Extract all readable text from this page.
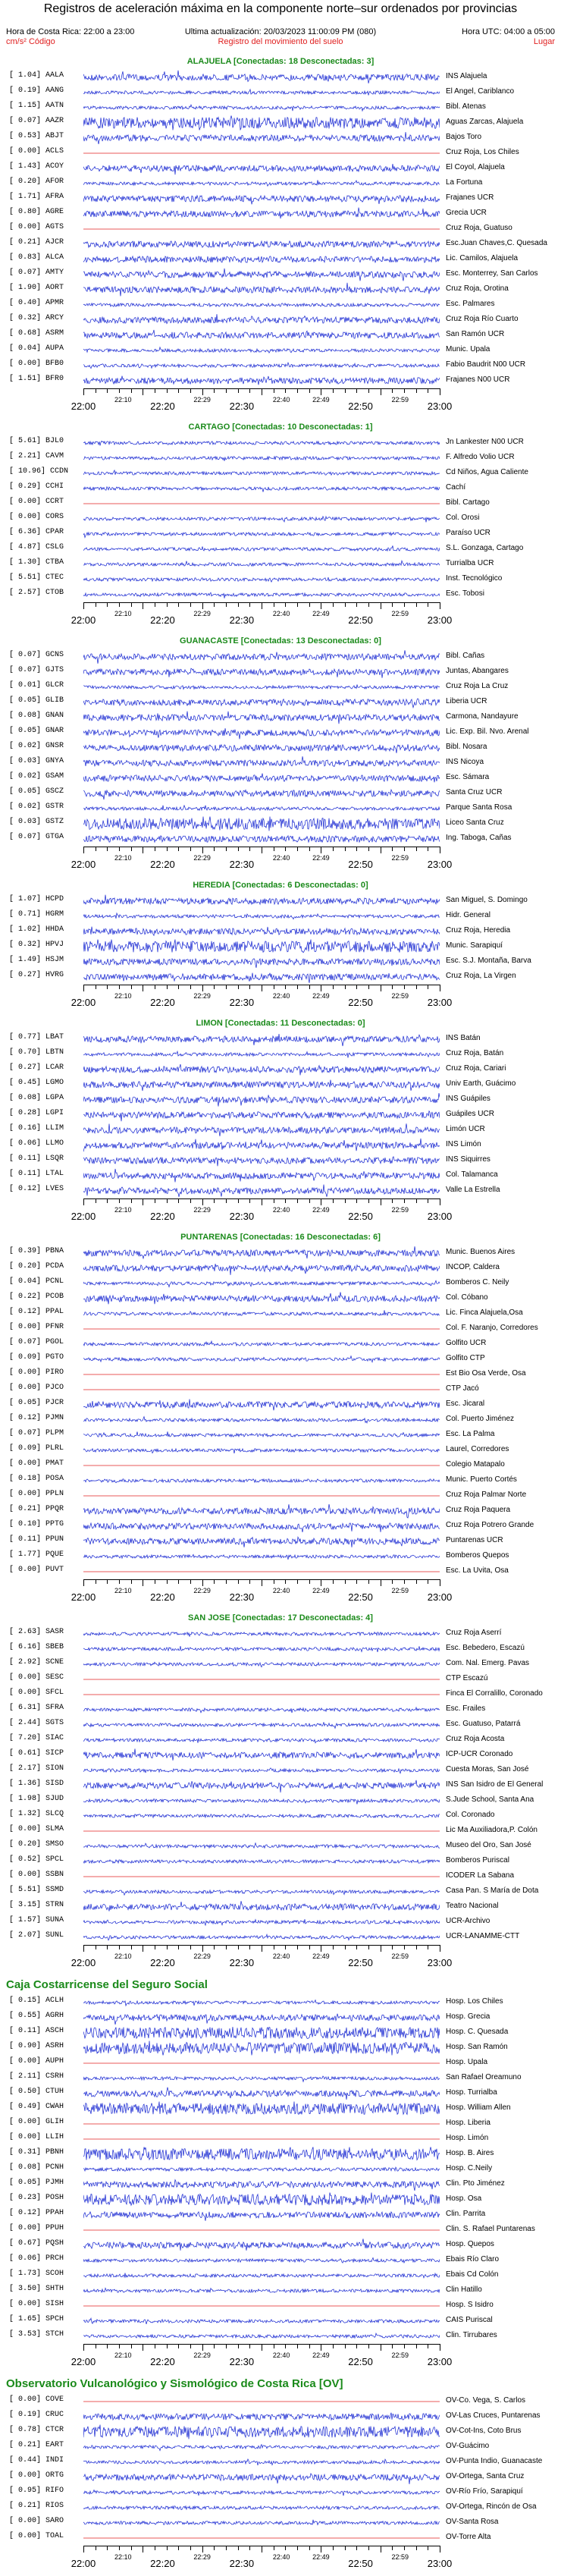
Registros de aceleración máxima en la componente norte–sur ordenados por provincias
Hora de Costa Rica: 22:00 a 23:00
cm/s² Código
Ultima actualización: 20/03/2023 11:00:09 PM (080)
Registro del movimiento del suelo
Hora UTC: 04:00 a 05:00
Lugar
ALAJUELA [Conectadas: 18 Desconectadas: 3]
[ 1.04] AALA	INS Alajuela
[ 0.19] AANG	El Angel, Cariblanco
[ 1.15] AATN	Bibl. Atenas
[ 0.07] AAZR	Aguas Zarcas, Alajuela
[ 0.53] ABJT	Bajos Toro
[ 0.00] ACLS	Cruz Roja, Los Chiles
[ 1.43] ACOY	El Coyol, Alajuela
[ 0.20] AFOR	La Fortuna
[ 1.71] AFRA	Frajanes UCR
[ 0.80] AGRE	Grecia UCR
[ 0.00] AGTS	Cruz Roja, Guatuso
[ 0.21] AJCR	Esc.Juan Chaves,C. Quesada
[ 0.83] ALCA	Lic. Camilos, Alajuela
[ 0.07] AMTY	Esc. Monterrey, San Carlos
[ 1.90] AORT	Cruz Roja, Orotina
[ 0.40] APMR	Esc. Palmares
[ 0.32] ARCY	Cruz Roja Río Cuarto
[ 0.68] ASRM	San Ramón UCR
[ 0.04] AUPA	Munic. Upala
[ 0.00] BFB0	Fabio Baudrit N00 UCR
[ 1.51] BFR0	Frajanes N00 UCR
22:00
22:10
22:20
22:29
22:30
22:40	22:49
22:50
22:59
23:00
CARTAGO [Conectadas: 10 Desconectadas: 1]
[ 5.61] BJL0	Jn Lankester N00 UCR
[ 2.21] CAVM	F. Alfredo Volio UCR
[ 10.96] CCDN	Cd Niños, Agua Caliente
[ 0.29] CCHI	Cachí
[ 0.00] CCRT	Bibl. Cartago
[ 0.00] CORS	Col. Orosi
[ 6.36] CPAR	Paraíso UCR
[ 4.87] CSLG	S.L. Gonzaga, Cartago
[ 1.30] CTBA	Turrialba UCR
[ 5.51] CTEC	Inst. Tecnológico
[ 2.57] CTOB	Esc. Tobosi
22:00
22:10
22:20
22:29
22:30
22:40	22:49
22:50
22:59
23:00
GUANACASTE [Conectadas: 13 Desconectadas: 0]
[ 0.07] GCNS	Bibl. Cañas
[ 0.07] GJTS	Juntas, Abangares
[ 0.01] GLCR	Cruz Roja La Cruz
[ 0.05] GLIB	Liberia UCR
[ 0.08] GNAN	Carmona, Nandayure
[ 0.05] GNAR	Lic. Exp. Bil. Nvo. Arenal
[ 0.02] GNSR	Bibl. Nosara
[ 0.03] GNYA	INS Nicoya
[ 0.02] GSAM	Esc. Sámara
[ 0.05] GSCZ	Santa Cruz UCR
[ 0.02] GSTR	Parque Santa Rosa
[ 0.03] GSTZ	Liceo Santa Cruz
[ 0.07] GTGA	Ing. Taboga, Cañas
22:00
22:10
22:20
22:29
22:30
22:40	22:49
22:50
22:59
23:00
HEREDIA [Conectadas: 6 Desconectadas: 0]
[ 1.07] HCPD	San Miguel, S. Domingo
[ 0.71] HGRM	Hidr. General
[ 1.02] HHDA	Cruz Roja, Heredia
[ 0.32] HPVJ	Munic. Sarapiquí
[ 1.49] HSJM	Esc. S.J. Montaña, Barva
[ 0.27] HVRG	Cruz Roja, La Virgen
22:00
22:10
22:20
22:29
22:30
22:40	22:49
22:50
22:59
23:00
LIMON [Conectadas: 11 Desconectadas: 0]
[ 0.77] LBAT	INS Batán
[ 0.70] LBTN	Cruz Roja, Batán
[ 0.27] LCAR	Cruz Roja, Cariari
[ 0.45] LGMO	Univ Earth, Guácimo
[ 0.08] LGPA	INS Guápiles
[ 0.28] LGPI	Guápiles UCR
[ 0.16] LLIM	Limón UCR
[ 0.06] LLMO	INS Limón
[ 0.11] LSQR	INS Siquirres
[ 0.11] LTAL	Col. Talamanca
[ 0.12] LVES	Valle La Estrella
22:00
22:10
22:20
22:29
22:30
22:40	22:49
22:50
22:59
23:00
PUNTARENAS [Conectadas: 16 Desconectadas: 6]
[ 0.39] PBNA	Munic. Buenos Aires
[ 0.20] PCDA	INCOP, Caldera
[ 0.04] PCNL	Bomberos C. Neily
[ 0.22] PCOB	Col. Cóbano
[ 0.12] PPAL	Lic. Finca Alajuela,Osa
[ 0.00] PFNR	Col. F. Naranjo, Corredores
[ 0.07] PGOL	Golfito UCR
[ 0.09] PGTO	Golfito CTP
[ 0.00] PIRO	Est Bio Osa Verde, Osa
[ 0.00] PJCO	CTP Jacó
[ 0.05] PJCR	Esc. Jicaral
[ 0.12] PJMN	Col. Puerto Jiménez
[ 0.07] PLPM	Esc. La Palma
[ 0.09] PLRL	Laurel, Corredores
[ 0.00] PMAT	Colegio Matapalo
[ 0.18] POSA	Munic. Puerto Cortés
[ 0.00] PPLN	Cruz Roja Palmar Norte
[ 0.21] PPQR	Cruz Roja Paquera
[ 0.10] PPTG	Cruz Roja Potrero Grande
[ 0.11] PPUN	Puntarenas UCR
[ 1.77] PQUE	Bomberos Quepos
[ 0.00] PUVT	Esc. La Uvita, Osa
22:00
22:10
22:20
22:29
22:30
22:40	22:49
22:50
22:59
23:00
SAN JOSE [Conectadas: 17 Desconectadas: 4]
[ 2.63] SASR	Cruz Roja Aserrí
[ 6.16] SBEB	Esc. Bebedero, Escazú
[ 2.92] SCNE	Com. Nal. Emerg. Pavas
[ 0.00] SESC	CTP Escazú
[ 0.00] SFCL	Finca El Corralillo, Coronado
[ 6.31] SFRA	Esc. Frailes
[ 2.44] SGTS	Esc. Guatuso, Patarrá
[ 7.20] SIAC	Cruz Roja Acosta
[ 0.61] SICP	ICP-UCR Coronado
[ 2.17] SION	Cuesta Moras, San José
[ 1.36] SISD	INS San Isidro de El General
[ 1.98] SJUD	S.Jude School, Santa Ana
[ 1.32] SLCQ	Col. Coronado
[ 0.00] SLMA	Lic Ma Auxiliadora,P. Colón
[ 0.20] SMSO	Museo del Oro, San José
[ 0.52] SPCL	Bomberos Puriscal
[ 0.00] SSBN	ICODER La Sabana
[ 5.51] SSMD	Casa Pan. S María de Dota
[ 3.15] STRN	Teatro Nacional
[ 1.57] SUNA	UCR-Archivo
[ 2.07] SUNL	UCR-LANAMME-CTT
22:00
22:10
22:20
22:29
22:30
22:40	22:49
22:50
22:59
23:00
Caja Costarricense del Seguro Social
[ 0.15] ACLH	Hosp. Los Chiles
[ 0.55] AGRH	Hosp. Grecia
[ 0.11] ASCH	Hosp. C. Quesada
[ 0.90] ASRH	Hosp. San Ramón
[ 0.00] AUPH	Hosp. Upala
[ 2.11] CSRH	San Rafael Oreamuno
[ 0.50] CTUH	Hosp. Turrialba
[ 0.49] CWAH	Hosp. William Allen
[ 0.00] GLIH	Hosp. Liberia
[ 0.00] LLIH	Hosp. Limón
[ 0.31] PBNH	Hosp. B. Aires
[ 0.08] PCNH	Hosp. C.Neily
[ 0.05] PJMH	Clin. Pto Jiménez
[ 0.23] POSH	Hosp. Osa
[ 0.12] PPAH	Clin. Parrita
[ 0.00] PPUH	Clin. S. Rafael Puntarenas
[ 0.67] PQSH	Hosp. Quepos
[ 0.06] PRCH	Ebais Río Claro
[ 1.73] SCOH	Ebais Cd Colón
[ 3.50] SHTH	Clin Hatillo
[ 0.00] SISH	Hosp. S Isidro
[ 1.65] SPCH	CAIS Puriscal
[ 3.53] STCH	Clin. Tirrubares
22:00
22:10
22:20
22:29
22:30
22:40	22:49
22:50
22:59
23:00
Observatorio Vulcanológico y Sismológico de Costa Rica [OV]
[ 0.00] COVE	OV-Co. Vega, S. Carlos
[ 0.19] CRUC	OV-Las Cruces, Puntarenas
[ 0.78] CTCR	OV-Cot-Ins, Coto Brus
[ 0.21] EART	OV-Guácimo
[ 0.44] INDI	OV-Punta Indio, Guanacaste
[ 0.00] ORTG	OV-Ortega, Santa Cruz
[ 0.95] RIFO	OV-Río Frío, Sarapiquí
[ 0.21] RIOS	OV-Ortega, Rincón de Osa
[ 0.00] SARO	OV-Santa Rosa
[ 0.00] TOAL	OV-Torre Alta
22:00
22:10
22:20
22:29
22:30
22:40	22:49
22:50
22:59
23:00
